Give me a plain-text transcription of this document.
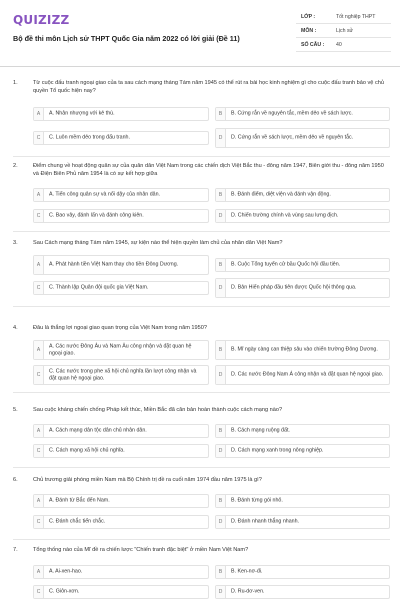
QUIZIZZ
Bộ đề thi môn Lịch sử THPT Quốc Gia năm 2022 có lời giải (Đề 11)
LỚP :	Tốt nghiệp THPT
MÔN :	Lịch sử
SỐ CÂU : 40
1.	Từ cuộc đấu tranh ngoại giao của ta sau cách mạng tháng Tám năm 1945 có thể rút ra bài học kinh nghiệm gì cho cuộc đấu tranh bảo vệ chủ quyền Tổ quốc hiện nay?
A	A. Nhân nhượng với kẻ thù.	B	B. Cứng rắn về nguyên tắc, mềm dẻo về sách lược.
C	C. Luôn mềm dẻo trong đấu tranh.	D	D. Cứng rắn về sách lược, mềm dẻo về nguyên tắc.
2.	Điểm chung về hoạt động quân sự của quân dân Việt Nam trong các chiến dịch Việt Bắc thu - đông năm 1947, Biên giới thu - đông năm 1950 và Điện Biên Phủ năm 1954 là có sự kết hợp giữa
A	A. Tiến công quân sự và nổi dậy của nhân dân.	B	B. Đánh điểm, diệt viện và đánh vận động.
C	C. Bao vây, đánh lấn và đánh công kiên.	D	D. Chiến trường chính và vùng sau lưng địch.
3.	Sau Cách mạng tháng Tám năm 1945, sự kiện nào thể hiện quyền làm chủ của nhân dân Việt Nam?
A	A. Phát hành tiền Việt Nam thay cho tiền Đông Dương.	B	B. Cuộc Tổng tuyển cử bầu Quốc hội đầu tiên.
C	C. Thành lập Quân đội quốc gia Việt Nam.	D	D. Bản Hiến pháp đầu tiên được Quốc hội thông qua.
4.	Đâu là thắng lợi ngoại giao quan trọng của Việt Nam trong năm 1950?
A
A. Các nước Đông Âu và Nam Âu công nhận và đặt quan hệ ngoại giao.	B	B. Mĩ ngày càng can thiệp sâu vào chiến trường Đông Dương.
C
C. Các nước trong phe xã hội chủ nghĩa lần lượt công nhận và đặt quan hệ ngoại giao.	D	D. Các nước Đông Nam Á công nhận và đặt quan hệ ngoại giao.
5.	Sau cuộc kháng chiến chống Pháp kết thúc, Miền Bắc đã căn bản hoàn thành cuộc cách mạng nào?
A	A. Cách mạng dân tộc dân chủ nhân dân.	B	B. Cách mạng ruộng đất.
C	C. Cách mạng xã hội chủ nghĩa.	D	D. Cách mạng xanh trong nông nghiệp.
6.	Chủ trương giải phóng miền Nam mà Bộ Chính trị đề ra cuối năm 1974 đầu năm 1975 là gì?
A	A. Đánh từ Bắc đến Nam.	B	B. Đánh từng gói nhỏ.
C	C. Đánh chắc tiến chắc.	D	D. Đánh nhanh thắng nhanh.
7.	Tổng thống nào của Mĩ đề ra chiến lược "Chiến tranh đặc biệt" ở miền Nam Việt Nam?
A	A. Ai-xen-hao.	B	B. Ken-nơ-đi.
C	C. Giôn-xơn.	D	D. Ru-dơ-ven.
